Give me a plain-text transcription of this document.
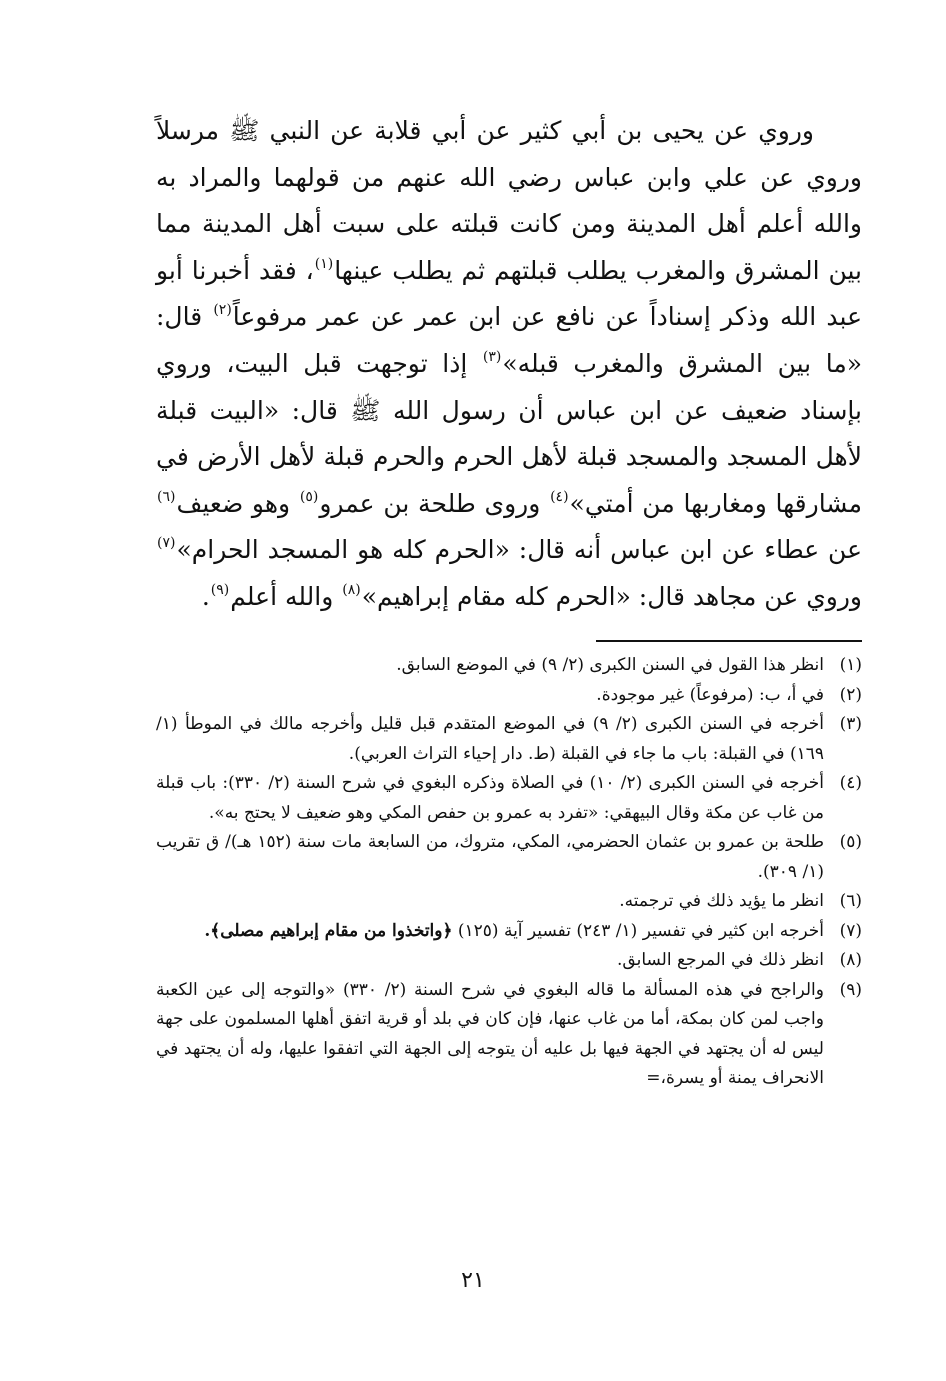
وروي عن يحيى بن أبي كثير عن أبي قلابة عن النبي ﷺ مرسلاً وروي عن علي وابن عباس رضي الله عنهم من قولهما والمراد به والله أعلم أهل المدينة ومن كانت قبلته على سبت أهل المدينة مما بين المشرق والمغرب يطلب قبلتهم ثم يطلب عينها$^{(١)}$، فقد أخبرنا أبو عبد الله وذكر إسناداً عن نافع عن ابن عمر عن عمر مرفوعاً$^{(٢)}$ قال: «ما بين المشرق والمغرب قبله»$^{(٣)}$ إذا توجهت قبل البيت، وروي بإسناد ضعيف عن ابن عباس أن رسول الله ﷺ قال: «البيت قبلة لأهل المسجد والمسجد قبلة لأهل الحرم والحرم قبلة لأهل الأرض في مشارقها ومغاربها من أمتي»$^{(٤)}$ وروى طلحة بن عمرو$^{(٥)}$ وهو ضعيف$^{(٦)}$ عن عطاء عن ابن عباس أنه قال: «الحرم كله هو المسجد الحرام»$^{(٧)}$ وروي عن مجاهد قال: «الحرم كله مقام إبراهيم»$^{(٨)}$ والله أعلم$^{(٩)}$.

(١)
انظر هذا القول في السنن الكبرى (٢/ ٩) في الموضع السابق.
(٢)
في أ، ب: (مرفوعاً) غير موجودة.
(٣)
أخرجه في السنن الكبرى (٢/ ٩) في الموضع المتقدم قبل قليل وأخرجه مالك في الموطأ (١/ ١٦٩) في القبلة: باب ما جاء في القبلة (ط. دار إحياء التراث العربي).
(٤)
أخرجه في السنن الكبرى (٢/ ١٠) في الصلاة وذكره البغوي في شرح السنة (٢/ ٣٣٠): باب قبلة من غاب عن مكة وقال البيهقي: «تفرد به عمرو بن حفص المكي وهو ضعيف لا يحتج به».
(٥)
طلحة بن عمرو بن عثمان الحضرمي، المكي، متروك، من السابعة مات سنة (١٥٢ هـ)/ ق تقريب (١/ ٣٠٩).
(٦)
انظر ما يؤيد ذلك في ترجمته.
(٧)
أخرجه ابن كثير في تفسير (١/ ٢٤٣) تفسير آية (١٢٥) ﴿واتخذوا من مقام إبراهيم مصلى﴾.
(٨)
انظر ذلك في المرجع السابق.
(٩)
والراجح في هذه المسألة ما قاله البغوي في شرح السنة (٢/ ٣٣٠) «والتوجه إلى عين الكعبة واجب لمن كان بمكة، أما من غاب عنها، فإن كان في بلد أو قرية اتفق أهلها المسلمون على جهة ليس له أن يجتهد في الجهة فيها بل عليه أن يتوجه إلى الجهة التي اتفقوا عليها، وله أن يجتهد في الانحراف يمنة أو يسرة،=
٢١
